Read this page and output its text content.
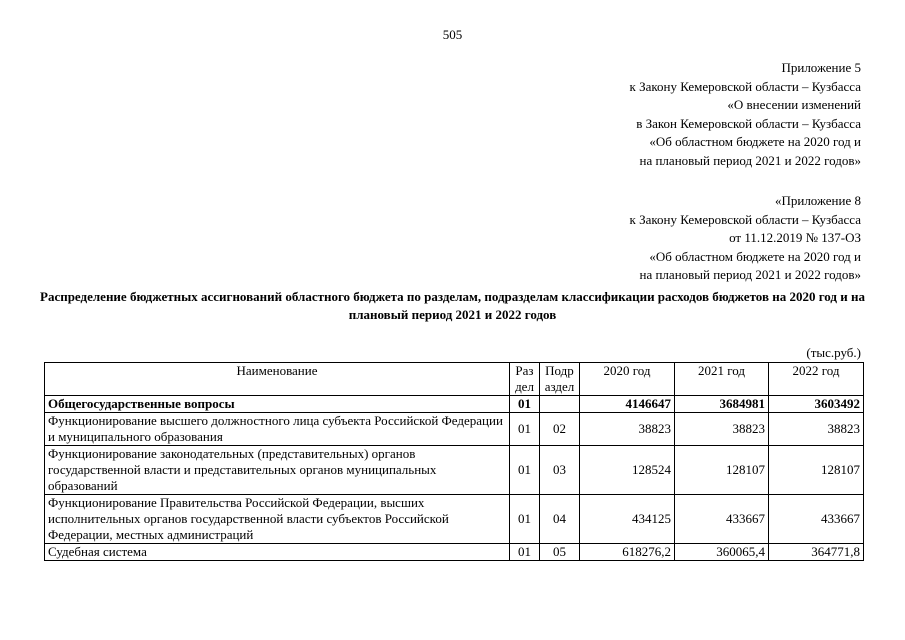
505
Приложение 5
к Закону Кемеровской области – Кузбасса
«О внесении изменений
в Закон Кемеровской области – Кузбасса
«Об областном бюджете на 2020 год и
на плановый период 2021 и 2022 годов»
«Приложение 8
к Закону Кемеровской области – Кузбасса
от 11.12.2019 № 137-ОЗ
«Об областном бюджете на 2020 год и
на плановый период 2021 и 2022 годов»
Распределение бюджетных ассигнований областного бюджета по разделам, подразделам классификации расходов бюджетов на 2020 год и на плановый период 2021 и 2022 годов
(тыс.руб.)
Наименование	Раз дел	Подр аздел	2020 год	2021 год	2022 год
Общегосударственные вопросы	01		4146647	3684981	3603492
Функционирование высшего должностного лица субъекта Российской Федерации и муниципального образования	01	02	38823	38823	38823
Функционирование законодательных (представительных) органов государственной власти и представительных органов муниципальных образований	01	03	128524	128107	128107
Функционирование Правительства Российской Федерации, высших исполнительных органов государственной власти субъектов Российской Федерации, местных администраций	01	04	434125	433667	433667
Судебная система	01	05	618276,2	360065,4	364771,8
